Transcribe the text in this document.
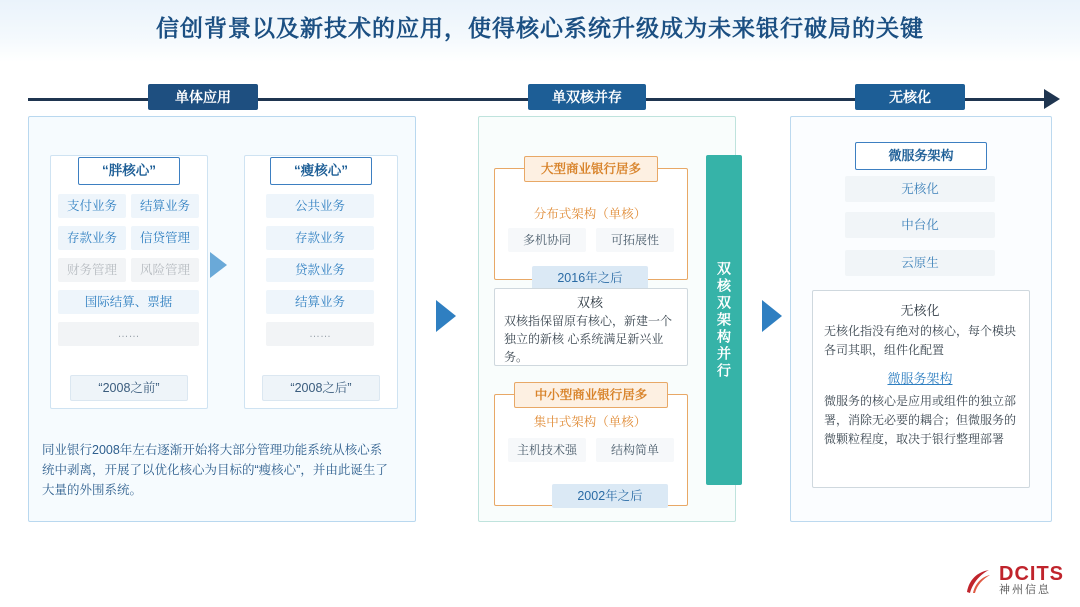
信创背景以及新技术的应用，使得核心系统升级成为未来银行破局的关键
单体应用	单双核并存	无核化
“胖核心”
支付业务	结算业务
存款业务	信贷管理
财务管理	风险管理
国际结算、票据
……
“2008之前”
“瘦核心”
公共业务
存款业务
贷款业务
结算业务
……
“2008之后”
同业银行2008年左右逐渐开始将大部分管理功能系统从核心系统中剥离，开展了以优化核心为目标的“瘦核心”，并由此诞生了大量的外围系统。
大型商业银行居多
分布式架构（单核）
多机协同	可拓展性
2016年之后
双核
双核指保留原有核心，新建一个独立的新核 心系统满足新兴业务。
中小型商业银行居多
集中式架构（单核）
主机技术强	结构简单
2002年之后
双核双架构并行
微服务架构
无核化
中台化
云原生
无核化
无核化指没有绝对的核心，每个模块各司其职，组件化配置
微服务架构
微服务的核心是应用或组件的独立部署，消除无必要的耦合；但微服务的微颗粒程度，取决于银行整理部署
DCITS
神州信息
